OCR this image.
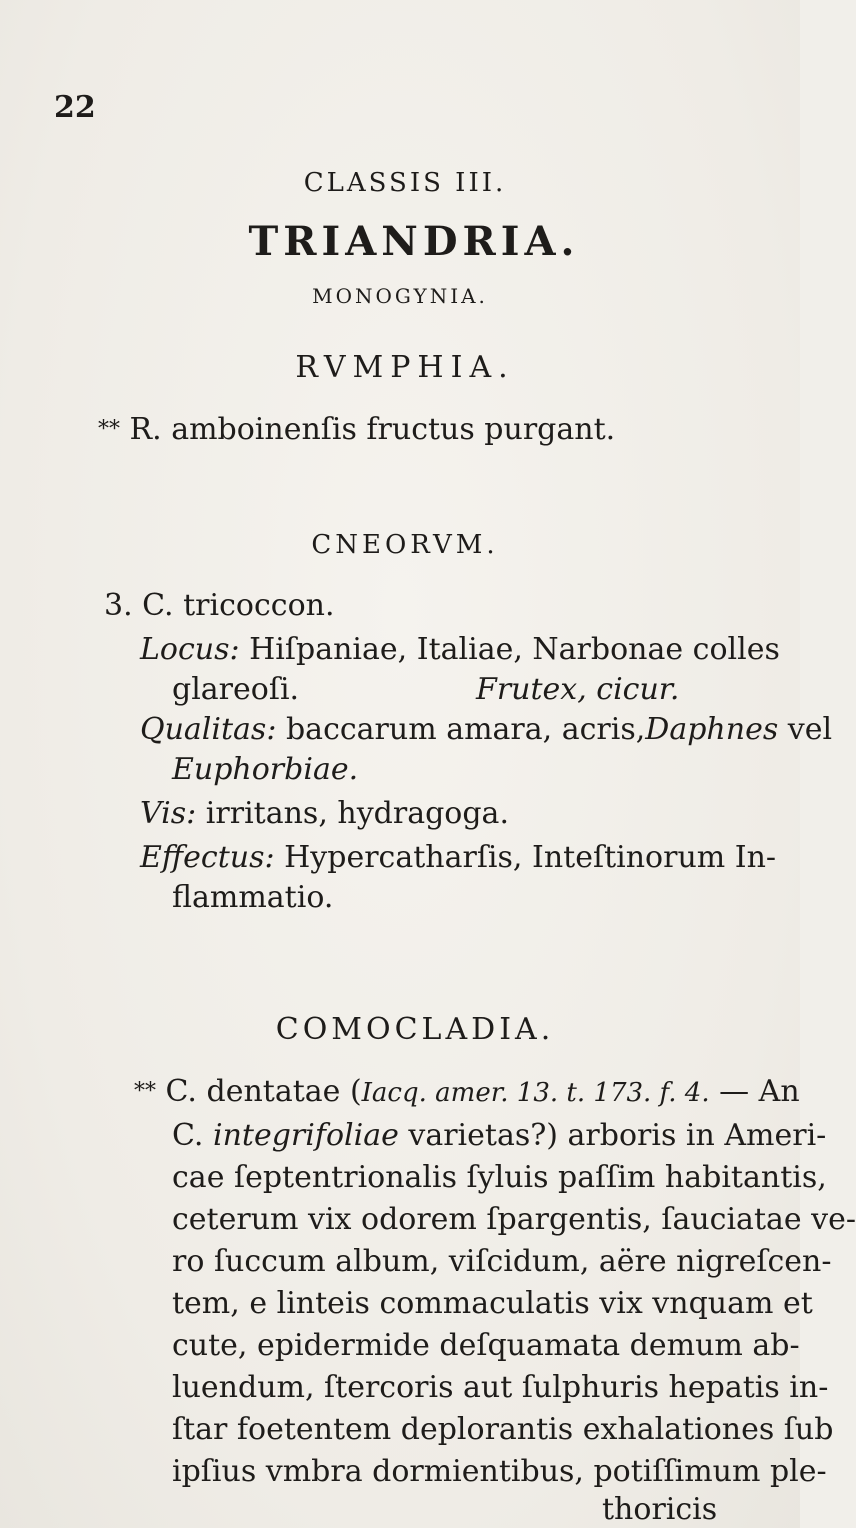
22
CLASSIS III.
TRIANDRIA.
MONOGYNIA.
RVMPHIA.
** R. amboinenſis fructus purgant.
CNEORVM.
3. C. tricoccon.
Locus: Hiſpaniae, Italiae, Narbonae colles
glareoſi.	Frutex, cicur.
Qualitas: baccarum amara, acris,Daphnes vel
Euphorbiae.
Vis: irritans, hydragoga.
Effectus: Hypercatharſis, Inteſtinorum In-
flammatio.
COMOCLADIA.
** C. dentatae (Iacq. amer. 13. t. 173. f. 4. — An
C. integrifoliae varietas?) arboris in Ameri-
cae ſeptentrionalis ſyluis paſſim habitantis,
ceterum vix odorem ſpargentis, ſauciatae ve-
ro ſuccum album, viſcidum, aëre nigreſcen-
tem, e linteis commaculatis vix vnquam et
cute, epidermide deſquamata demum ab-
luendum, ſtercoris aut ſulphuris hepatis in-
ſtar foetentem deplorantis exhalationes ſub
ipſius vmbra dormientibus, potiſſimum ple-
thoricis
